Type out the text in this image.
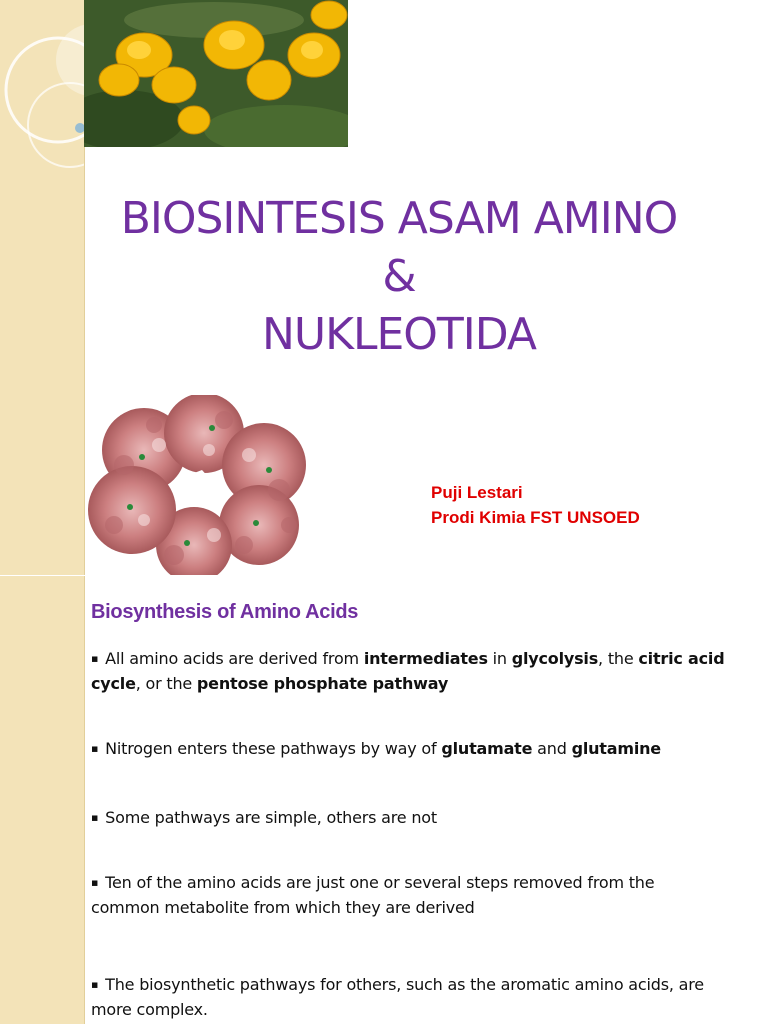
BIOSINTESIS ASAM AMINO
&
NUKLEOTIDA
Puji Lestari
Prodi Kimia FST UNSOED
Biosynthesis of Amino Acids
▪ All amino acids are derived from intermediates in glycolysis, the citric acid cycle, or the pentose phosphate pathway
▪ Nitrogen enters these pathways by way of glutamate and glutamine
▪ Some pathways are simple, others are not
▪ Ten of the amino acids are just one or several steps removed from the common metabolite from which they are derived
▪ The biosynthetic pathways for others, such as the aromatic amino acids, are more complex.
